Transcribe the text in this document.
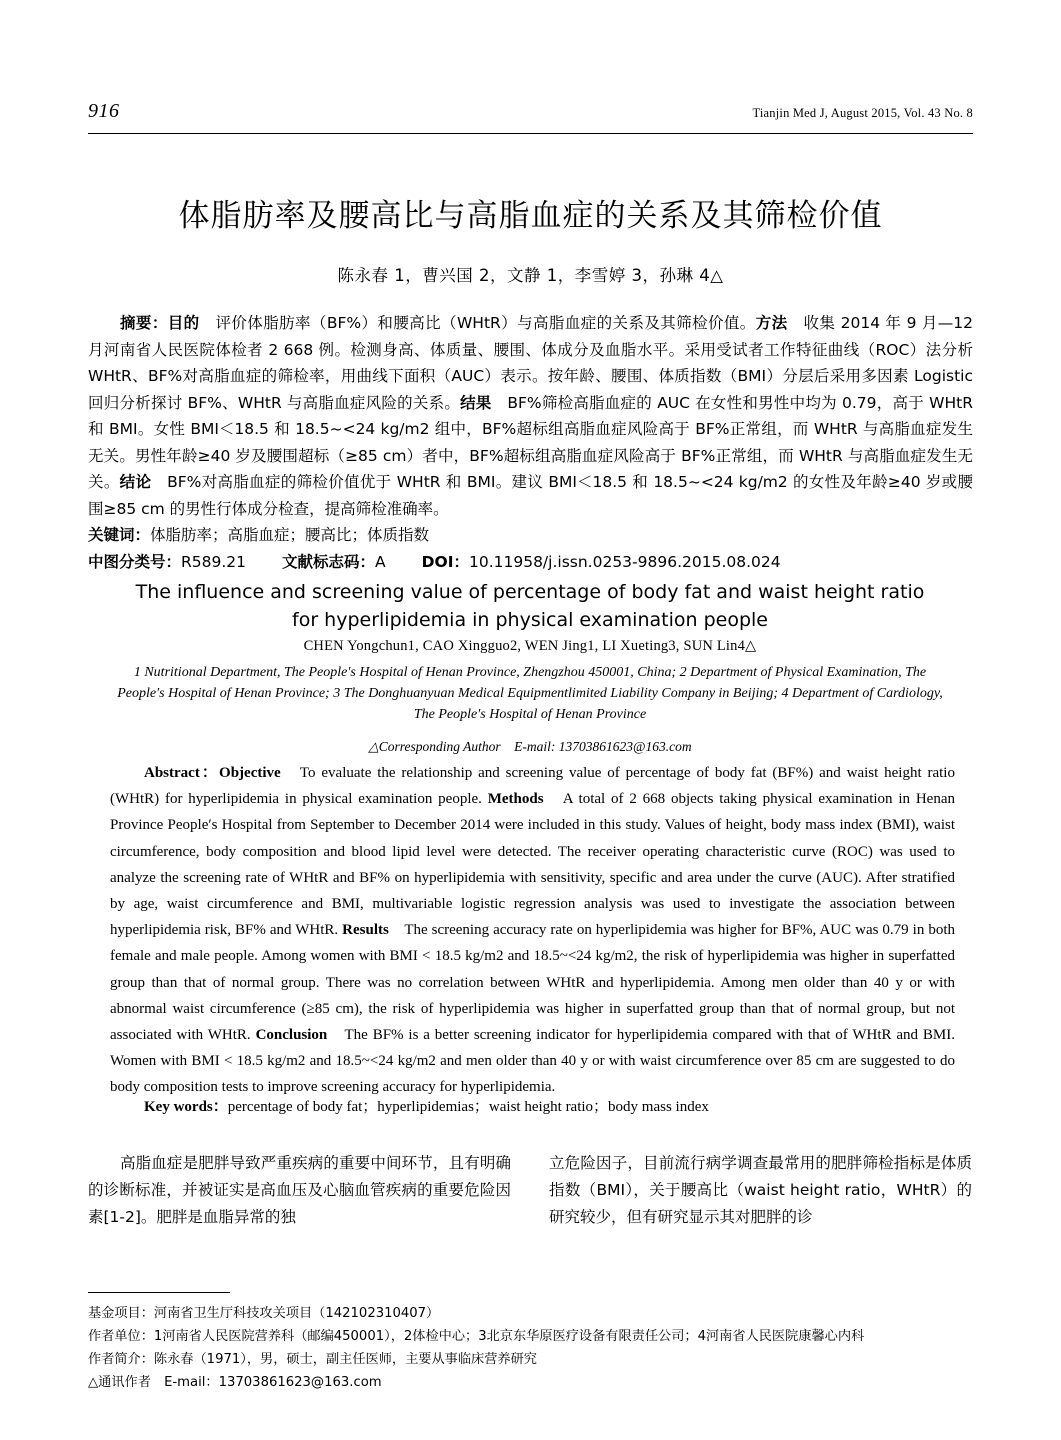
916	Tianjin Med J, August 2015, Vol. 43 No. 8
体脂肪率及腰高比与高脂血症的关系及其筛检价值
陈永春 1，曹兴国 2，文静 1，李雪婷 3，孙琳 4△

摘要：目的　 评价体脂肪率（BF%）和腰高比（WHtR）与高脂血症的关系及其筛检价值。方法　 收集 2014 年 9 月—12 月河南省人民医院体检者 2 668 例。检测身高、体质量、腰围、体成分及血脂水平。采用受试者工作特征曲线（ROC）法分析 WHtR、BF%对高脂血症的筛检率，用曲线下面积（AUC）表示。按年龄、腰围、体质指数（BMI）分层后采用多因素 Logistic 回归分析探讨 BF%、WHtR 与高脂血症风险的关系。结果　 BF%筛检高脂血症的 AUC 在女性和男性中均为 0.79，高于 WHtR 和 BMI。女性 BMI＜18.5 和 18.5~<24 kg/m2 组中，BF%超标组高脂血症风险高于 BF%正常组，而 WHtR 与高脂血症发生无关。男性年龄≥40 岁及腰围超标（≥85 cm）者中，BF%超标组高脂血症风险高于 BF%正常组，而 WHtR 与高脂血症发生无关。结论　 BF%对高脂血症的筛检价值优于 WHtR 和 BMI。建议 BMI＜18.5 和 18.5~<24 kg/m2 的女性及年龄≥40 岁或腰围≥85 cm 的男性行体成分检查，提高筛检准确率。

关键词：体脂肪率；高脂血症；腰高比；体质指数
中图分类号：R589.21 文献标志码：A DOI：10.11958/j.issn.0253-9896.2015.08.024
The influence and screening value of percentage of body fat and waist height ratio for hyperlipidemia in physical examination people
CHEN Yongchun1, CAO Xingguo2, WEN Jing1, LI Xueting3, SUN Lin4△
1 Nutritional Department, The People′s Hospital of Henan Province, Zhengzhou 450001, China; 2 Department of Physical Examination, The People′s Hospital of Henan Province; 3 The Donghuanyuan Medical Equipmentlimited Liability Company in Beijing; 4 Department of Cardiology, The People′s Hospital of Henan Province
△Corresponding Author　E-mail: 13703861623@163.com

Abstract：Objective　 To evaluate the relationship and screening value of percentage of body fat (BF%) and waist height ratio (WHtR) for hyperlipidemia in physical examination people. Methods　 A total of 2 668 objects taking physical examination in Henan Province People′s Hospital from September to December 2014 were included in this study. Values of height, body mass index (BMI), waist circumference, body composition and blood lipid level were detected. The receiver operating characteristic curve (ROC) was used to analyze the screening rate of WHtR and BF% on hyperlipidemia with sensitivity, specific and area under the curve (AUC). After stratified by age, waist circumference and BMI, multivariable logistic regression analysis was used to investigate the association between hyperlipidemia risk, BF% and WHtR. Results　 The screening accuracy rate on hyperlipidemia was higher for BF%, AUC was 0.79 in both female and male people. Among women with BMI < 18.5 kg/m2 and 18.5~<24 kg/m2, the risk of hyperlipidemia was higher in superfatted group than that of normal group. There was no correlation between WHtR and hyperlipidemia. Among men older than 40 y or with abnormal waist circumference (≥85 cm), the risk of hyperlipidemia was higher in superfatted group than that of normal group, but not associated with WHtR. Conclusion　 The BF% is a better screening indicator for hyperlipidemia compared with that of WHtR and BMI. Women with BMI < 18.5 kg/m2 and 18.5~<24 kg/m2 and men older than 40 y or with waist circumference over 85 cm are suggested to do body composition tests to improve screening accuracy for hyperlipidemia.

Key words：percentage of body fat；hyperlipidemias；waist height ratio；body mass index

高脂血症是肥胖导致严重疾病的重要中间环节，且有明确的诊断标准，并被证实是高血压及心脑血管疾病的重要危险因素[1-2]。肥胖是血脂异常的独

立危险因子，目前流行病学调查最常用的肥胖筛检指标是体质指数（BMI），关于腰高比（waist height ratio，WHtR）的研究较少，但有研究显示其对肥胖的诊

基金项目：河南省卫生厅科技攻关项目（142102310407）
作者单位：1河南省人民医院营养科（邮编450001），2体检中心；3北京东华原医疗设备有限责任公司；4河南省人民医院康馨心内科
作者简介：陈永春（1971），男，硕士，副主任医师，主要从事临床营养研究
△通讯作者　E-mail：13703861623@163.com
